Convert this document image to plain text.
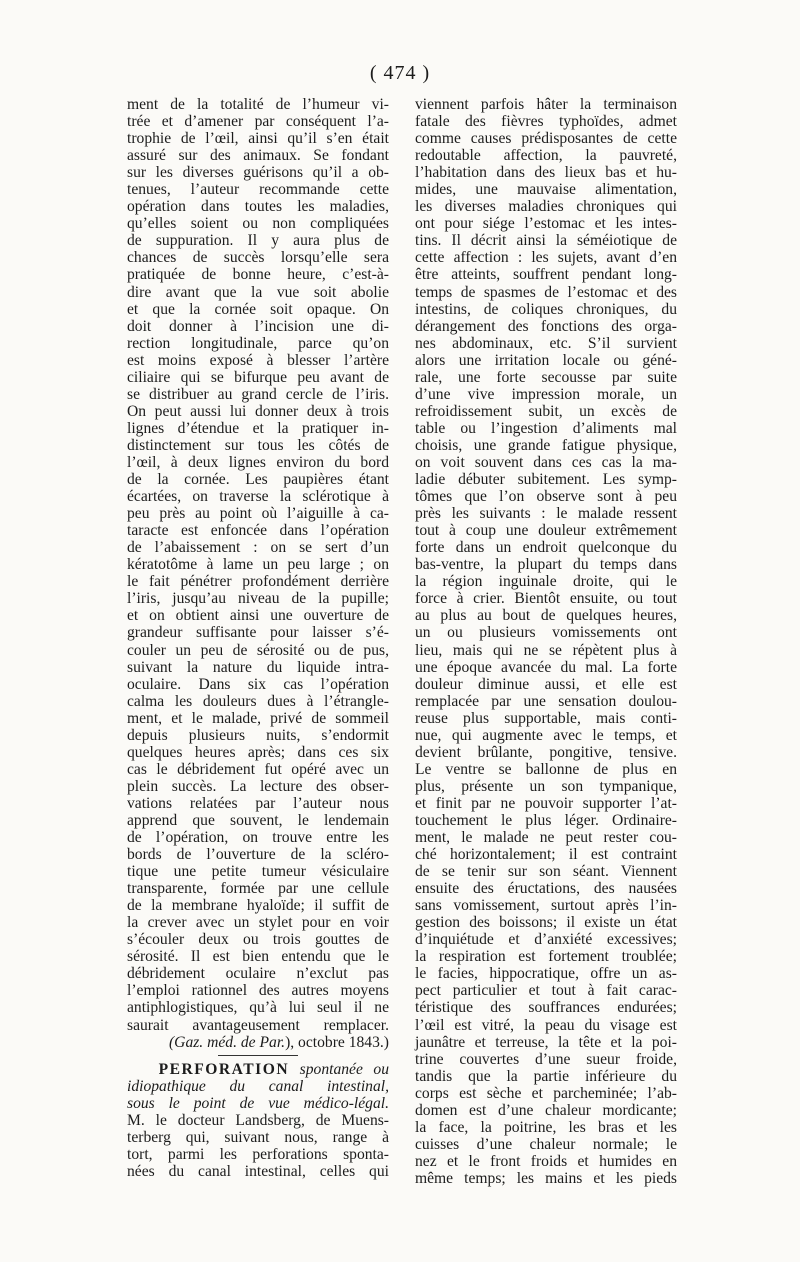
( 474 )
ment de la totalité de l’humeur vi-
trée et d’amener par conséquent l’a-
trophie de l’œil, ainsi qu’il s’en était
assuré sur des animaux. Se fondant
sur les diverses guérisons qu’il a ob-
tenues, l’auteur recommande cette
opération dans toutes les maladies,
qu’elles soient ou non compliquées
de suppuration. Il y aura plus de
chances de succès lorsqu’elle sera
pratiquée de bonne heure, c’est-à-
dire avant que la vue soit abolie
et que la cornée soit opaque. On
doit donner à l’incision une di-
rection longitudinale, parce qu’on
est moins exposé à blesser l’artère
ciliaire qui se bifurque peu avant de
se distribuer au grand cercle de l’iris.
On peut aussi lui donner deux à trois
lignes d’étendue et la pratiquer in-
distinctement sur tous les côtés de
l’œil, à deux lignes environ du bord
de la cornée. Les paupières étant
écartées, on traverse la sclérotique à
peu près au point où l’aiguille à ca-
taracte est enfoncée dans l’opération
de l’abaissement : on se sert d’un
kératotôme à lame un peu large ; on
le fait pénétrer profondément derrière
l’iris, jusqu’au niveau de la pupille;
et on obtient ainsi une ouverture de
grandeur suffisante pour laisser s’é-
couler un peu de sérosité ou de pus,
suivant la nature du liquide intra-
oculaire. Dans six cas l’opération
calma les douleurs dues à l’étrangle-
ment, et le malade, privé de sommeil
depuis plusieurs nuits, s’endormit
quelques heures après; dans ces six
cas le débridement fut opéré avec un
plein succès. La lecture des obser-
vations relatées par l’auteur nous
apprend que souvent, le lendemain
de l’opération, on trouve entre les
bords de l’ouverture de la scléro-
tique une petite tumeur vésiculaire
transparente, formée par une cellule
de la membrane hyaloïde; il suffit de
la crever avec un stylet pour en voir
s’écouler deux ou trois gouttes de
sérosité. Il est bien entendu que le
débridement oculaire n’exclut pas
l’emploi rationnel des autres moyens
antiphlogistiques, qu’à lui seul il ne
saurait avantageusement remplacer.
(Gaz. méd. de Par.), octobre 1843.)
PERFORATION spontanée ou
idiopathique du canal intestinal,
sous le point de vue médico-légal.
M. le docteur Landsberg, de Muens-
terberg qui, suivant nous, range à
tort, parmi les perforations sponta-
nées du canal intestinal, celles qui
viennent parfois hâter la terminaison
fatale des fièvres typhoïdes, admet
comme causes prédisposantes de cette
redoutable affection, la pauvreté,
l’habitation dans des lieux bas et hu-
mides, une mauvaise alimentation,
les diverses maladies chroniques qui
ont pour siége l’estomac et les intes-
tins. Il décrit ainsi la séméiotique de
cette affection : les sujets, avant d’en
être atteints, souffrent pendant long-
temps de spasmes de l’estomac et des
intestins, de coliques chroniques, du
dérangement des fonctions des orga-
nes abdominaux, etc. S’il survient
alors une irritation locale ou géné-
rale, une forte secousse par suite
d’une vive impression morale, un
refroidissement subit, un excès de
table ou l’ingestion d’aliments mal
choisis, une grande fatigue physique,
on voit souvent dans ces cas la ma-
ladie débuter subitement. Les symp-
tômes que l’on observe sont à peu
près les suivants : le malade ressent
tout à coup une douleur extrêmement
forte dans un endroit quelconque du
bas-ventre, la plupart du temps dans
la région inguinale droite, qui le
force à crier. Bientôt ensuite, ou tout
au plus au bout de quelques heures,
un ou plusieurs vomissements ont
lieu, mais qui ne se répètent plus à
une époque avancée du mal. La forte
douleur diminue aussi, et elle est
remplacée par une sensation doulou-
reuse plus supportable, mais conti-
nue, qui augmente avec le temps, et
devient brûlante, pongitive, tensive.
Le ventre se ballonne de plus en
plus, présente un son tympanique,
et finit par ne pouvoir supporter l’at-
touchement le plus léger. Ordinaire-
ment, le malade ne peut rester cou-
ché horizontalement; il est contraint
de se tenir sur son séant. Viennent
ensuite des éructations, des nausées
sans vomissement, surtout après l’in-
gestion des boissons; il existe un état
d’inquiétude et d’anxiété excessives;
la respiration est fortement troublée;
le facies, hippocratique, offre un as-
pect particulier et tout à fait carac-
téristique des souffrances endurées;
l’œil est vitré, la peau du visage est
jaunâtre et terreuse, la tête et la poi-
trine couvertes d’une sueur froide,
tandis que la partie inférieure du
corps est sèche et parcheminée; l’ab-
domen est d’une chaleur mordicante;
la face, la poitrine, les bras et les
cuisses d’une chaleur normale; le
nez et le front froids et humides en
même temps; les mains et les pieds
